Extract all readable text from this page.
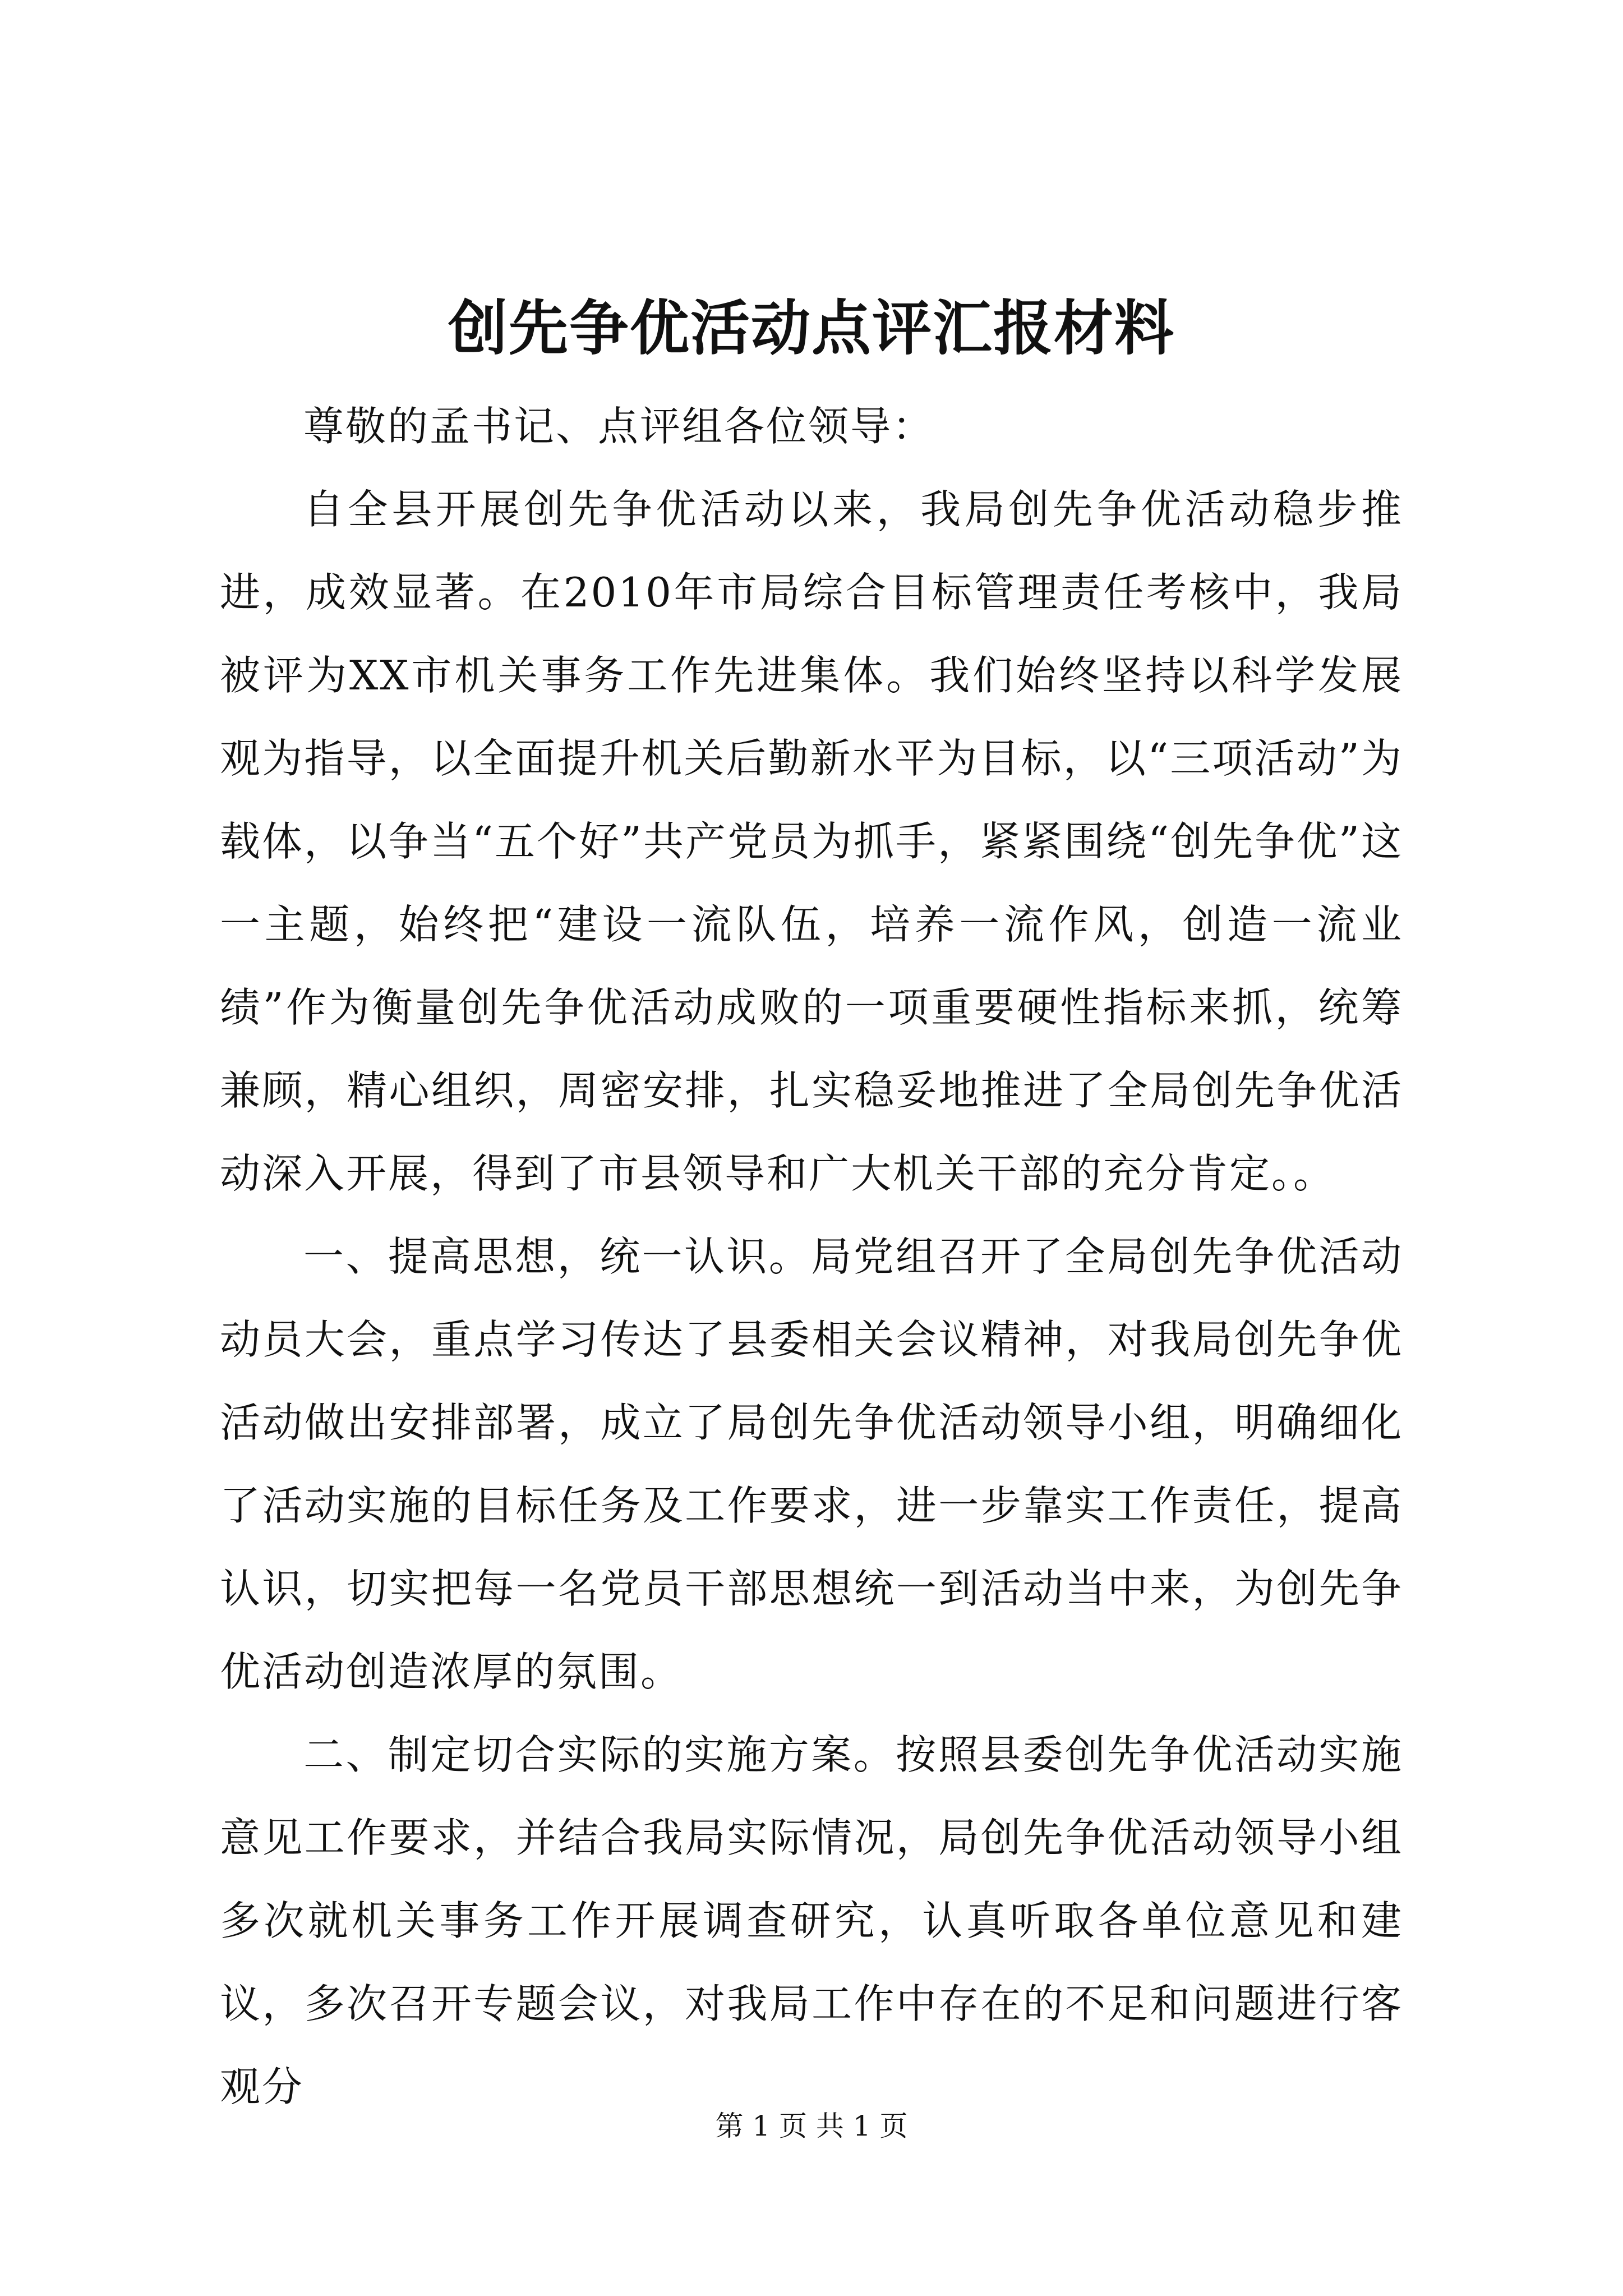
创先争优活动点评汇报材料

尊敬的孟书记、点评组各位领导：

自全县开展创先争优活动以来，我局创先争优活动稳步推进，成效显著。在2010年市局综合目标管理责任考核中，我局被评为XX市机关事务工作先进集体。我们始终坚持以科学发展观为指导，以全面提升机关后勤新水平为目标，以“三项活动”为载体，以争当“五个好”共产党员为抓手，紧紧围绕“创先争优”这一主题，始终把“建设一流队伍，培养一流作风，创造一流业绩”作为衡量创先争优活动成败的一项重要硬性指标来抓，统筹兼顾，精心组织，周密安排，扎实稳妥地推进了全局创先争优活动深入开展，得到了市县领导和广大机关干部的充分肯定。。

一、提高思想，统一认识。局党组召开了全局创先争优活动动员大会，重点学习传达了县委相关会议精神，对我局创先争优活动做出安排部署，成立了局创先争优活动领导小组，明确细化了活动实施的目标任务及工作要求，进一步靠实工作责任，提高认识，切实把每一名党员干部思想统一到活动当中来，为创先争优活动创造浓厚的氛围。

二、制定切合实际的实施方案。按照县委创先争优活动实施意见工作要求，并结合我局实际情况，局创先争优活动领导小组多次就机关事务工作开展调查研究，认真听取各单位意见和建议，多次召开专题会议，对我局工作中存在的不足和问题进行客观分

第 1 页 共 1 页
